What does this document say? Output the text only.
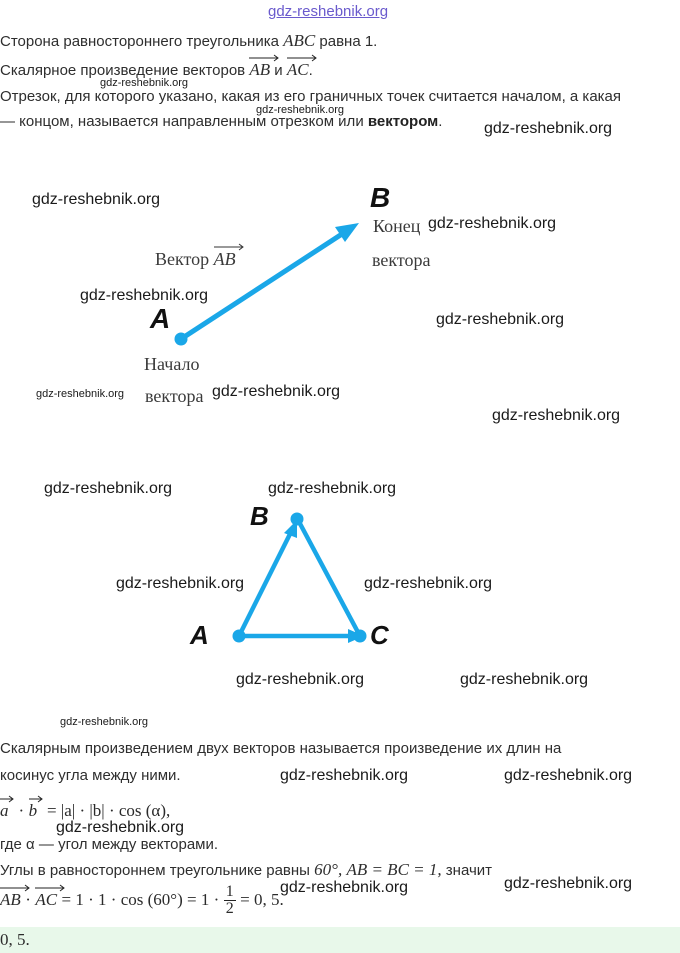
gdz-reshebnik.org
Сторона равностороннего треугольника ABC равна 1.
Скалярное произведение векторов AB и AC.
gdz-reshebnik.org
Отрезок, для которого указано, какая из его граничных точек считается началом, а какая
gdz-reshebnik.org
— концом, называется направленным отрезком или вектором.	gdz-reshebnik.org
gdz-reshebnik.org	B
Конец gdz-reshebnik.org
вектора
Вектор AB
gdz-reshebnik.org
gdz-reshebnik.org
A
Начало
вектора
gdz-reshebnik.org	gdz-reshebnik.org
gdz-reshebnik.org
gdz-reshebnik.org	gdz-reshebnik.org
B
gdz-reshebnik.org	gdz-reshebnik.org
A	C
gdz-reshebnik.org	gdz-reshebnik.org
gdz-reshebnik.org
Скалярным произведением двух векторов называется произведение их длин на
косинус угла между ними.	gdz-reshebnik.org	gdz-reshebnik.org
a · b = |a| · |b| · cos (α),
gdz-reshebnik.org
где α — угол между векторами.
Углы в равностороннем треугольнике равны 60°, AB = BC = 1, значит
gdz-reshebnik.org	gdz-reshebnik.org
AB · AC = $1 \cdot 1 \cdot \cos (60^\circ) = 1 \cdot \frac{1}{2} = 0$, 5.
0, 5.
